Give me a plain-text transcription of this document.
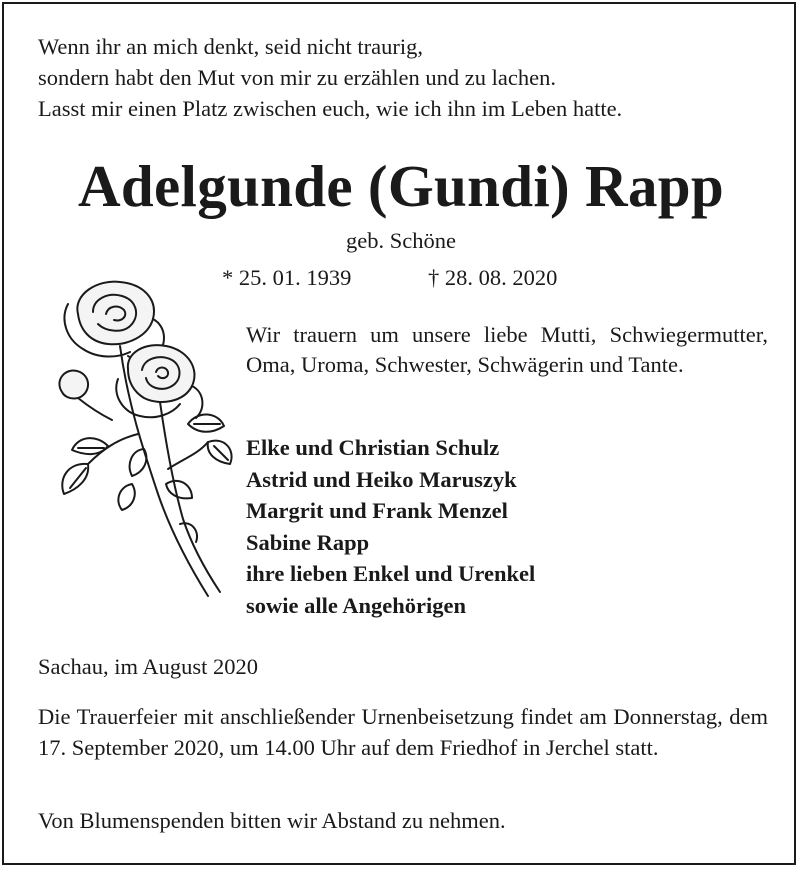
Wenn ihr an mich denkt, seid nicht traurig,
sondern habt den Mut von mir zu erzählen und zu lachen.
Lasst mir einen Platz zwischen euch, wie ich ihn im Leben hatte.
Adelgunde (Gundi) Rapp
geb. Schöne
* 25. 01. 1939	† 28. 08. 2020
Wir trauern um unsere liebe Mutti, Schwiegermutter, Oma, Uroma, Schwester, Schwägerin und Tante.
Elke und Christian Schulz
Astrid und Heiko Maruszyk
Margrit und Frank Menzel
Sabine Rapp
ihre lieben Enkel und Urenkel
sowie alle Angehörigen
Sachau, im August 2020
Die Trauerfeier mit anschließender Urnenbeisetzung findet am Donnerstag, dem 17. September 2020, um 14.00 Uhr auf dem Friedhof in Jerchel statt.
Von Blumenspenden bitten wir Abstand zu nehmen.
